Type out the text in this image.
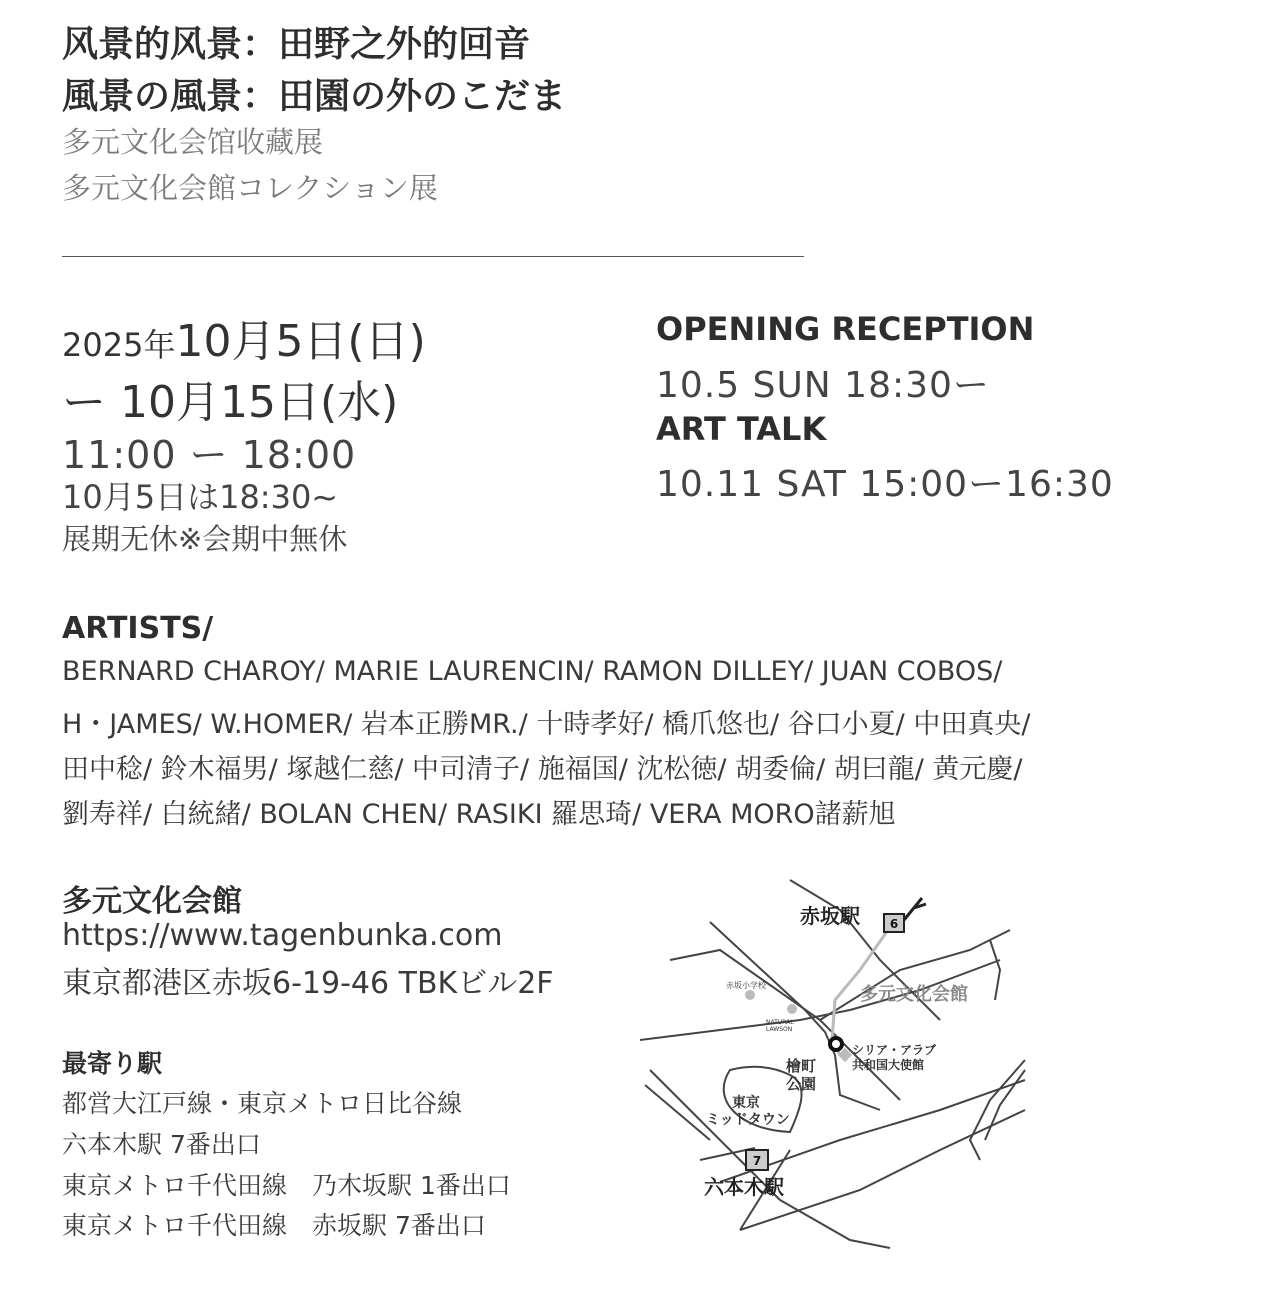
风景的风景：田野之外的回音
風景の風景：田園の外のこだま
多元文化会馆收藏展
多元文化会館コレクション展
2025年10月5日(日)
ー 10月15日(水)
11:00 ー 18:00
10月5日は18:30~
展期无休※会期中無休
OPENING RECEPTION
10.5 SUN 18:30ー
ART TALK
10.11 SAT 15:00ー16:30
ARTISTS/
BERNARD CHAROY/ MARIE LAURENCIN/ RAMON DILLEY/ JUAN COBOS/
H・JAMES/ W.HOMER/ 岩本正勝MR./ 十時孝好/ 橋爪悠也/ 谷口小夏/ 中田真央/
田中稔/ 鈴木福男/ 塚越仁慈/ 中司清子/ 施福国/ 沈松徳/ 胡委倫/ 胡曰龍/ 黄元慶/
劉寿祥/ 白統緒/ BOLAN CHEN/ RASIKI 羅思琦/ VERA MORO諸薪旭
多元文化会館
https://www.tagenbunka.com
東京都港区赤坂6-19-46 TBKビル2F
最寄り駅
都営大江戸線・東京メトロ日比谷線
六本木駅 7番出口
東京メトロ千代田線　乃木坂駅 1番出口
東京メトロ千代田線　赤坂駅 7番出口
6
7
赤坂駅
多元文化会館
赤坂小学校
NATURAL
LAWSON
シリア・アラブ
共和国大使館
檜町
公園
東京
ミッドタウン
六本木駅
